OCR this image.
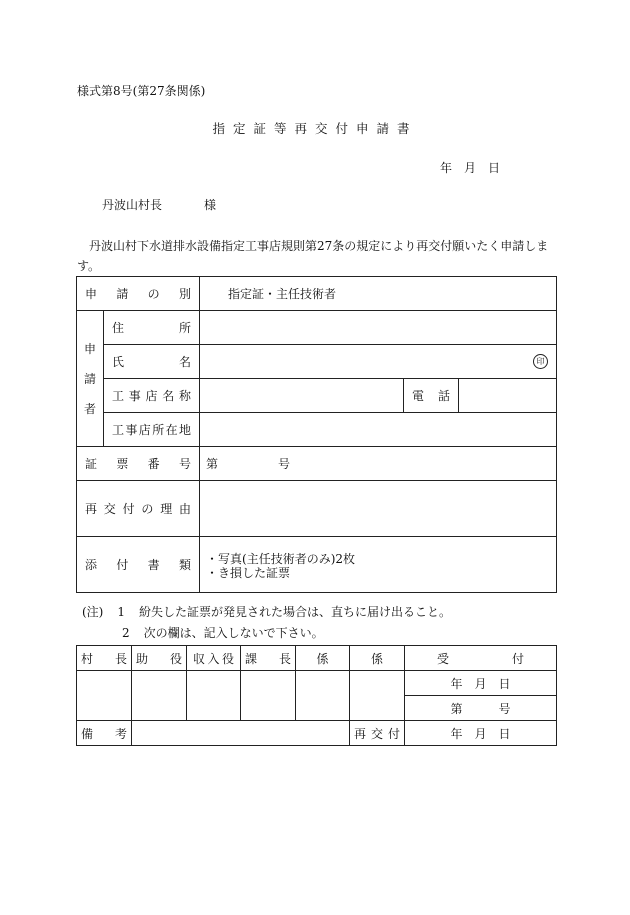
様式第8号(第27条関係)
指定証等再交付申請書
年　月　日
丹波山村長	様
丹波山村下水道排水設備指定工事店規則第27条の規定により再交付願いたく申請します。
申請の別		指定証・主任技術者		
申請者	住所			
	氏名	印		

	工事店名称		電話	
	工事店所在地			
証票番号		第　　　　　号		
再交付の理由				
添付書類		・写真(主任技術者のみ)2枚
・き損した証票		
(注) 1 紛失した証票が発見された場合は、直ちに届け出ること。
2 次の欄は、記入しないで下さい。
村長	助役	収入役	課長	係	係	受付
						年　月　日
						第　　　号
備考					再交付	年　月　日
